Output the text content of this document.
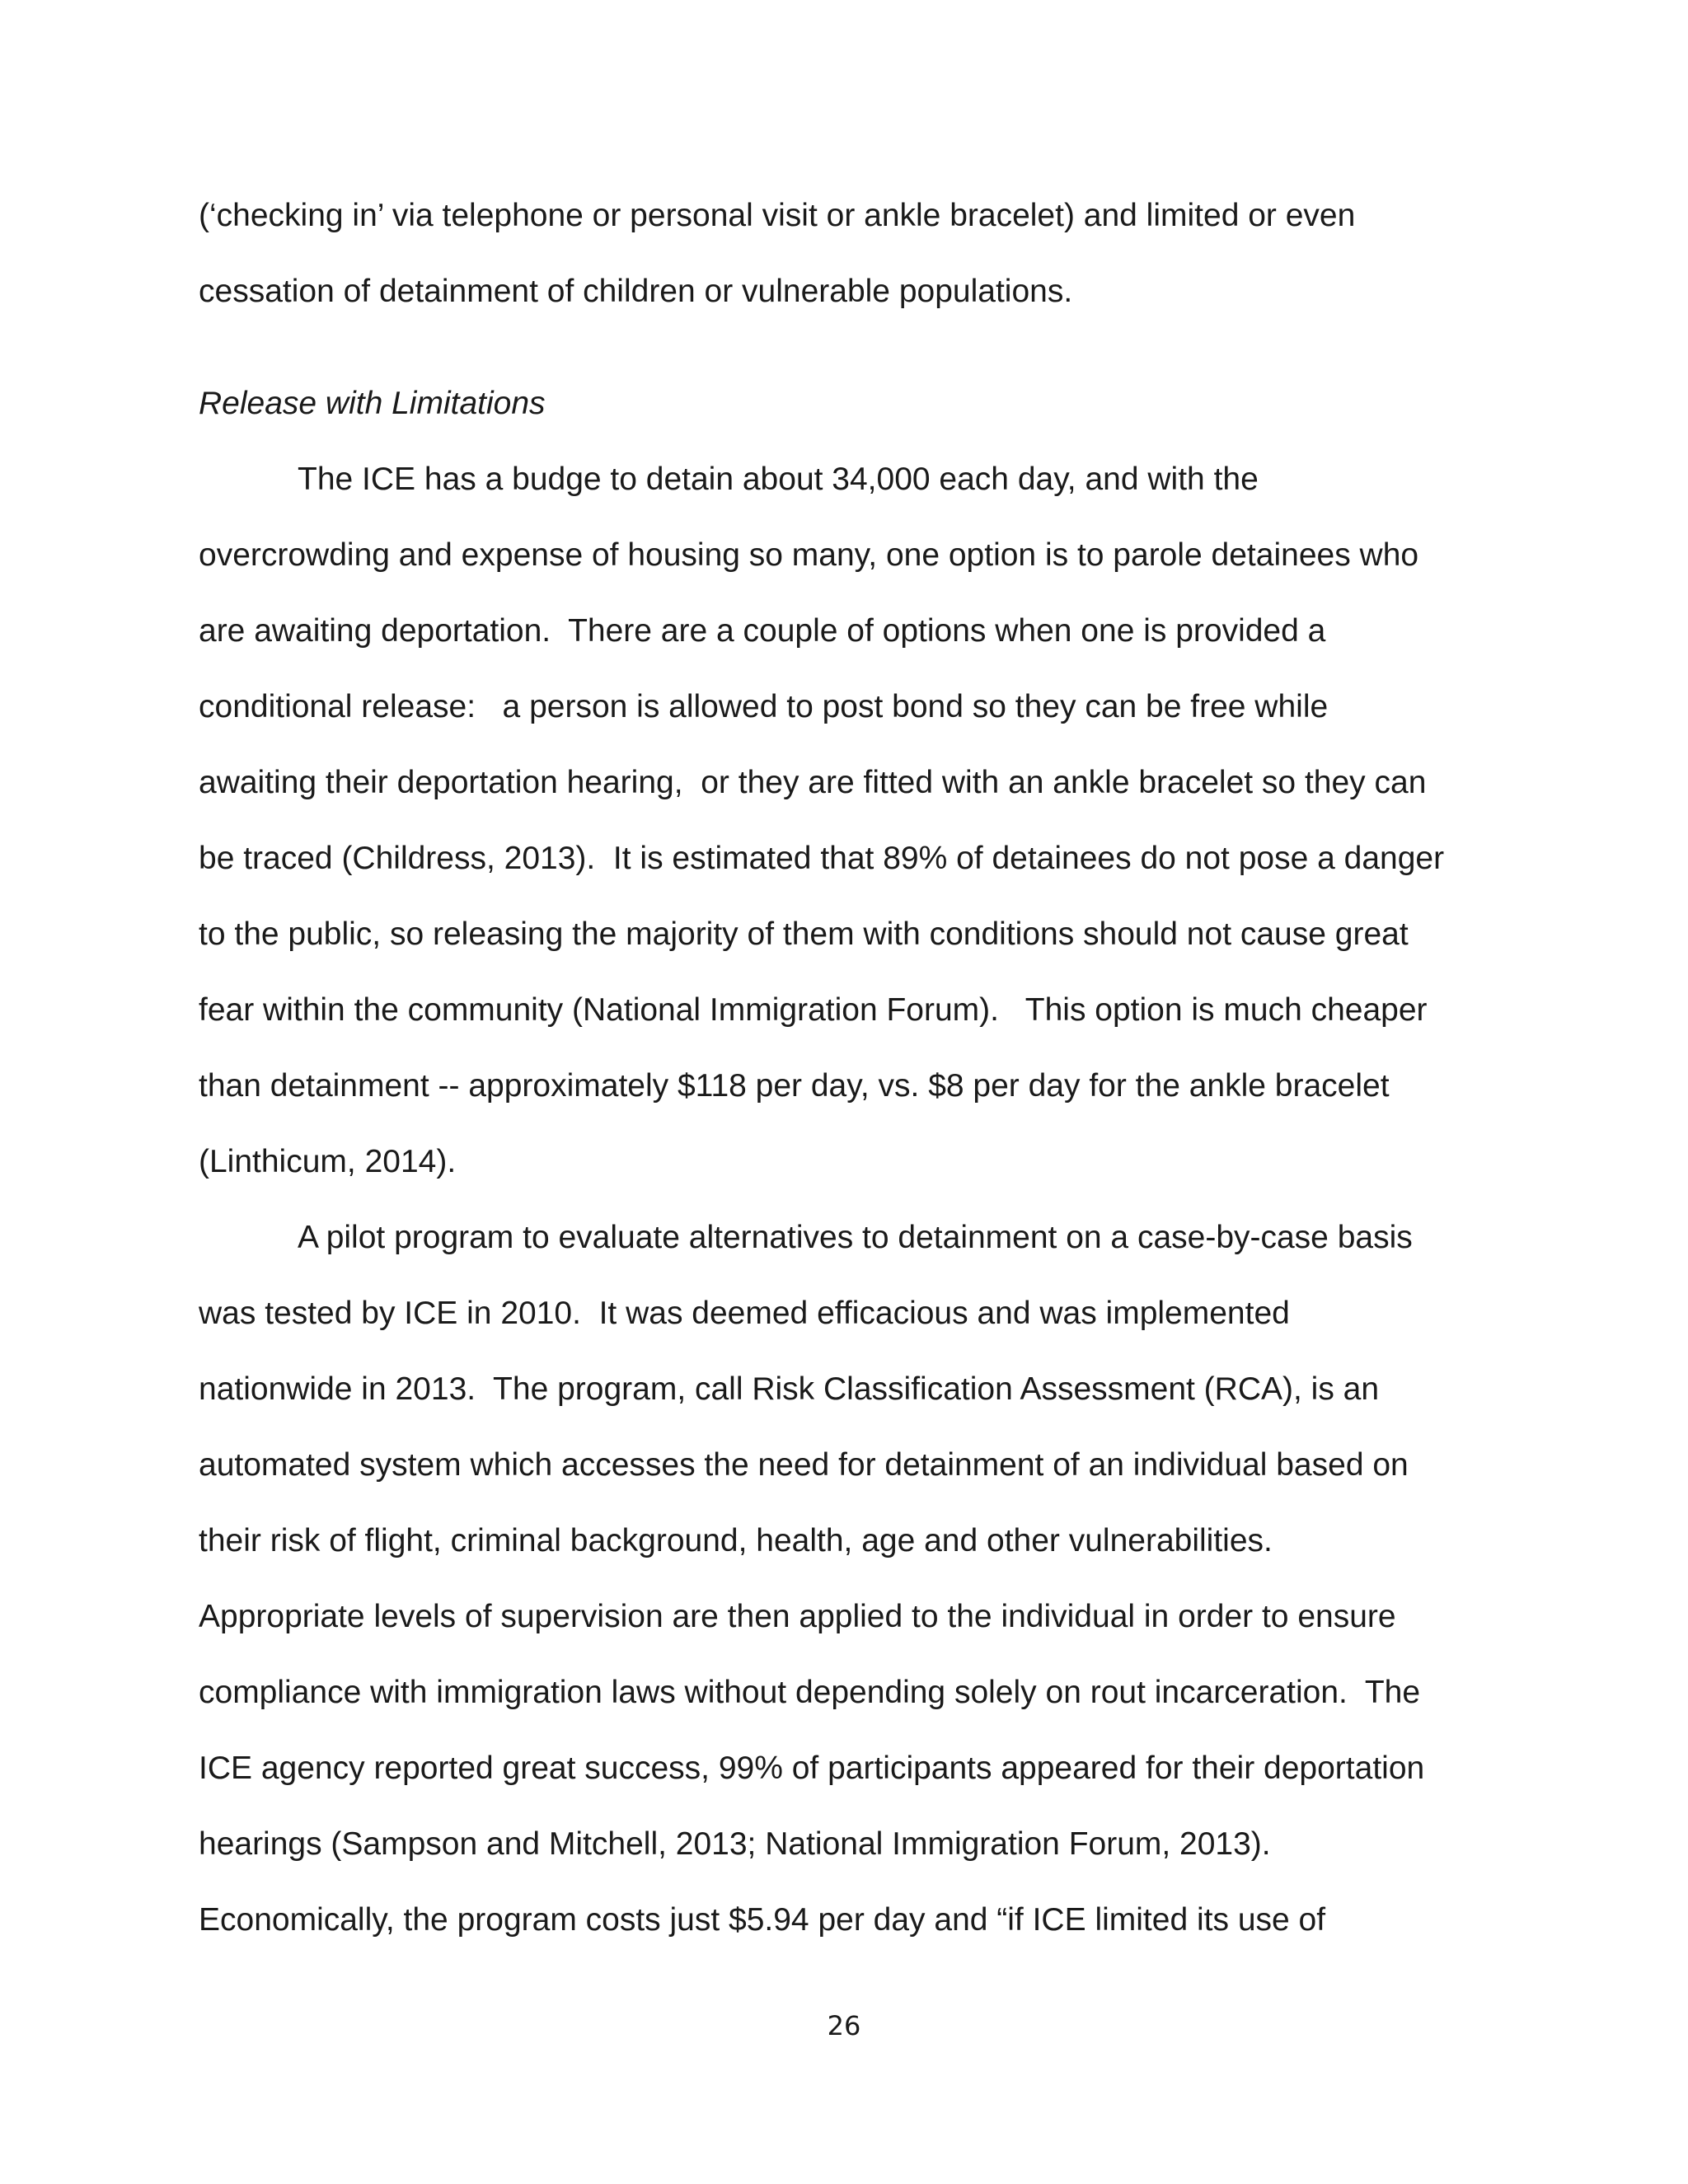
(‘checking in’ via telephone or personal visit or ankle bracelet) and limited or even
cessation of detainment of children or vulnerable populations.
Release with Limitations
The ICE has a budge to detain about 34,000 each day, and with the
overcrowding and expense of housing so many, one option is to parole detainees who
are awaiting deportation.  There are a couple of options when one is provided a
conditional release:   a person is allowed to post bond so they can be free while
awaiting their deportation hearing,  or they are fitted with an ankle bracelet so they can
be traced (Childress, 2013).  It is estimated that 89% of detainees do not pose a danger
to the public, so releasing the majority of them with conditions should not cause great
fear within the community (National Immigration Forum).   This option is much cheaper
than detainment -- approximately $118 per day, vs. $8 per day for the ankle bracelet
(Linthicum, 2014).
A pilot program to evaluate alternatives to detainment on a case-by-case basis
was tested by ICE in 2010.  It was deemed efficacious and was implemented
nationwide in 2013.  The program, call Risk Classification Assessment (RCA), is an
automated system which accesses the need for detainment of an individual based on
their risk of flight, criminal background, health, age and other vulnerabilities.
Appropriate levels of supervision are then applied to the individual in order to ensure
compliance with immigration laws without depending solely on rout incarceration.  The
ICE agency reported great success, 99% of participants appeared for their deportation
hearings (Sampson and Mitchell, 2013; National Immigration Forum, 2013).
Economically, the program costs just $5.94 per day and “if ICE limited its use of
26
